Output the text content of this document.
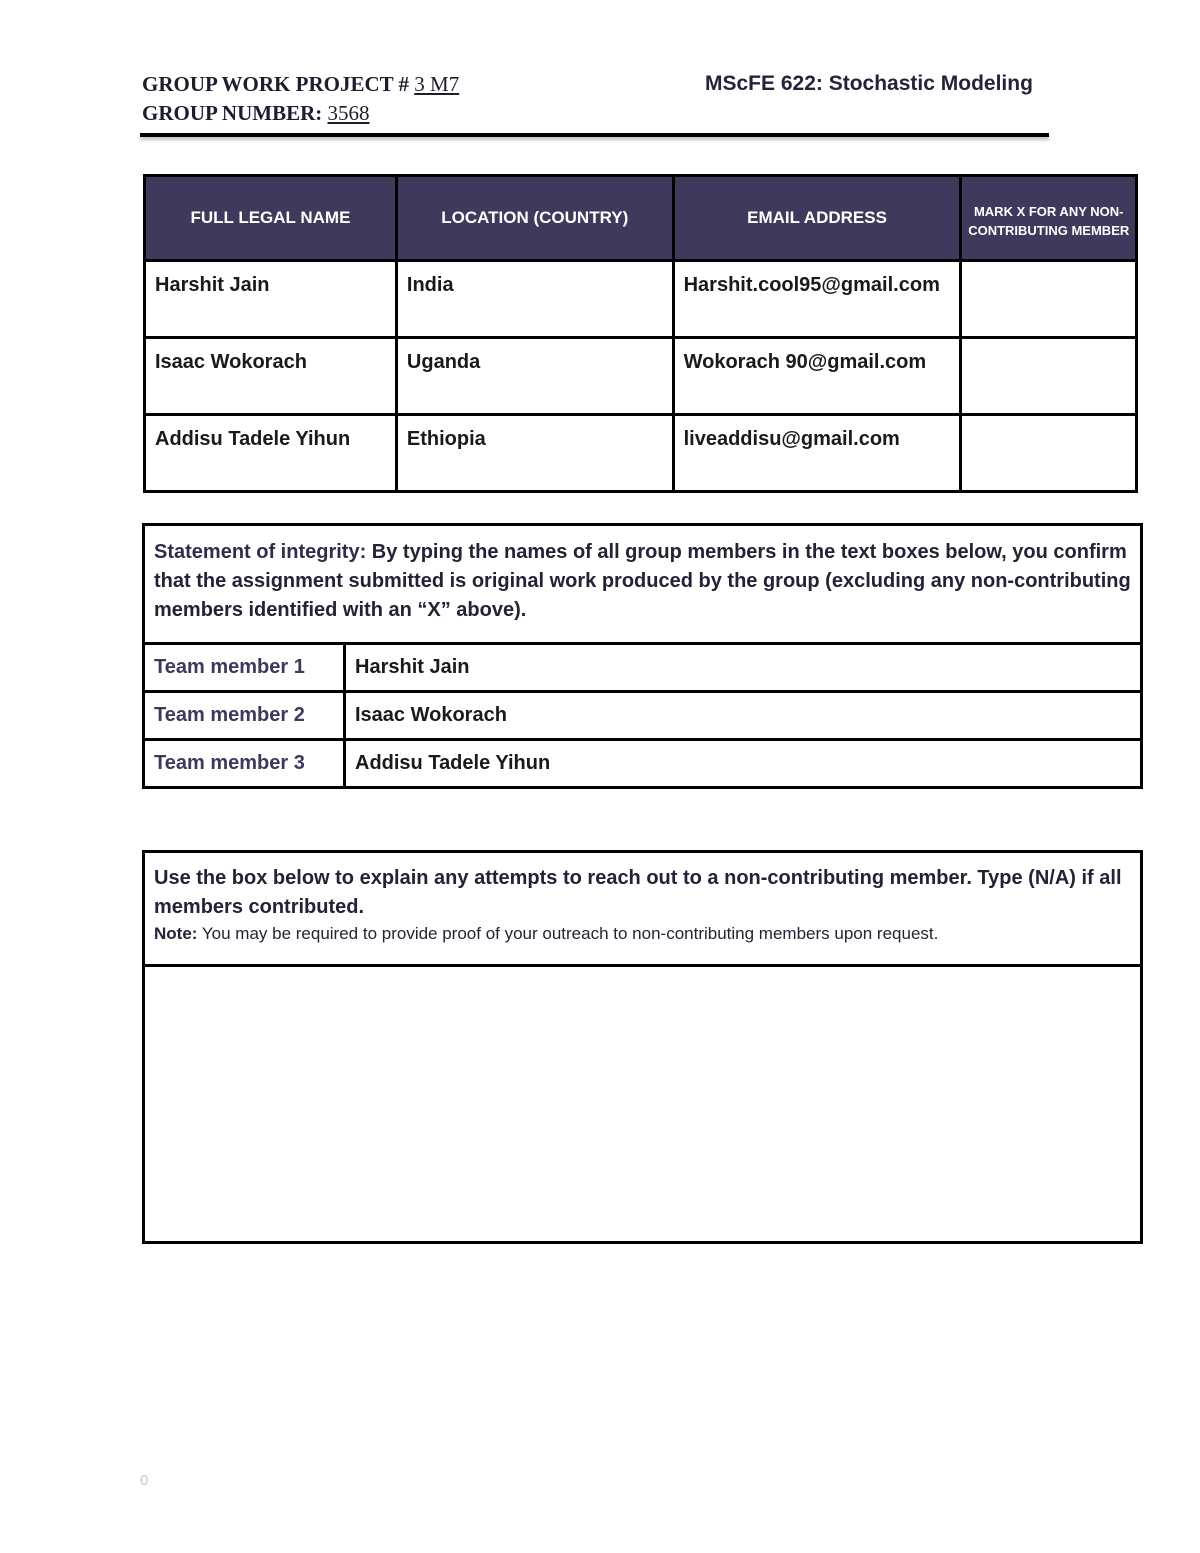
GROUP WORK PROJECT # 3 M7
GROUP NUMBER: 3568
MScFE 622: Stochastic Modeling
FULL LEGAL NAME	LOCATION (COUNTRY)	EMAIL ADDRESS	MARK X FOR ANY NON-CONTRIBUTING MEMBER
Harshit Jain	India	Harshit.cool95@gmail.com	
Isaac Wokorach	Uganda	Wokorach 90@gmail.com	
Addisu Tadele Yihun	Ethiopia	liveaddisu@gmail.com	
Statement of integrity: By typing the names of all group members in the text boxes below, you confirm that the assignment submitted is original work produced by the group (excluding any non-contributing members identified with an “X” above).	
Team member 1	Harshit Jain
Team member 2	Isaac Wokorach
Team member 3	Addisu Tadele Yihun
Use the box below to explain any attempts to reach out to a non-contributing member. Type (N/A) if all members contributed.
Note: You may be required to provide proof of your outreach to non-contributing members upon request.

0
